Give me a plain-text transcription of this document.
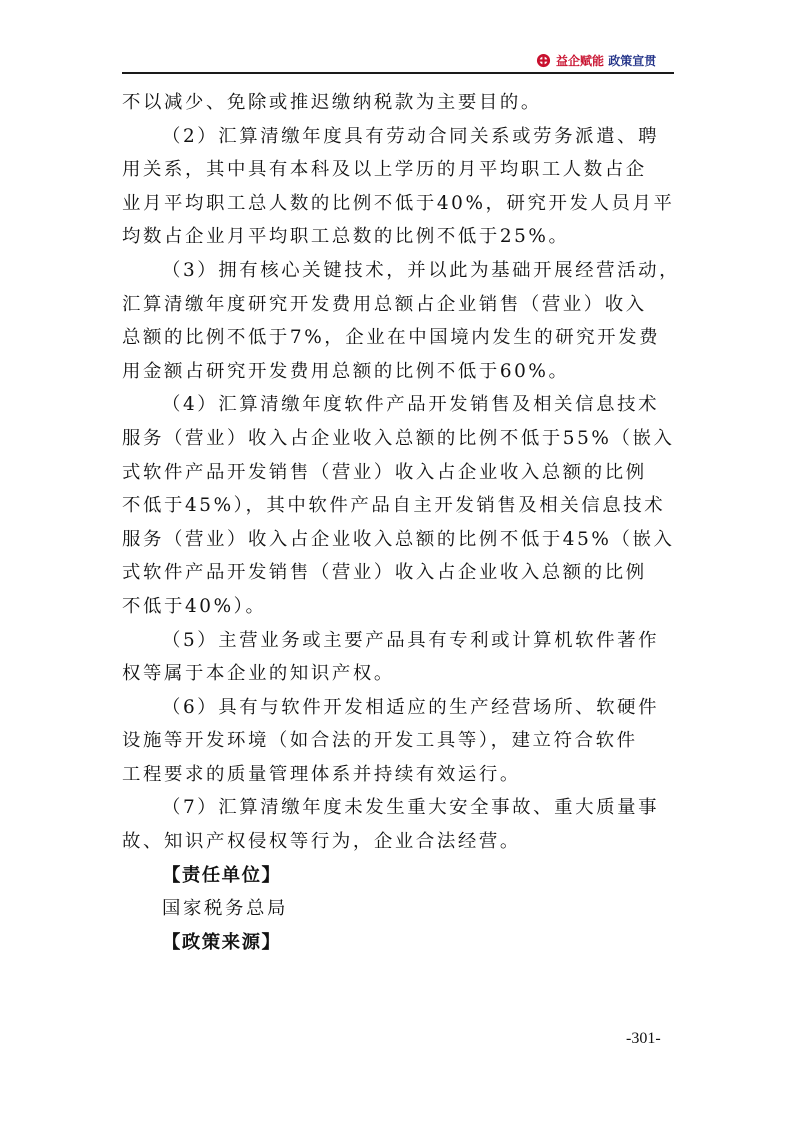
益企赋能 政策宣贯
不以减少、免除或推迟缴纳税款为主要目的。
（2）汇算清缴年度具有劳动合同关系或劳务派遣、聘
用关系，其中具有本科及以上学历的月平均职工人数占企
业月平均职工总人数的比例不低于40%，研究开发人员月平
均数占企业月平均职工总数的比例不低于25%。
（3）拥有核心关键技术，并以此为基础开展经营活动，
汇算清缴年度研究开发费用总额占企业销售（营业）收入
总额的比例不低于7%，企业在中国境内发生的研究开发费
用金额占研究开发费用总额的比例不低于60%。
（4）汇算清缴年度软件产品开发销售及相关信息技术
服务（营业）收入占企业收入总额的比例不低于55%（嵌入
式软件产品开发销售（营业）收入占企业收入总额的比例
不低于45%），其中软件产品自主开发销售及相关信息技术
服务（营业）收入占企业收入总额的比例不低于45%（嵌入
式软件产品开发销售（营业）收入占企业收入总额的比例
不低于40%）。
（5）主营业务或主要产品具有专利或计算机软件著作
权等属于本企业的知识产权。
（6）具有与软件开发相适应的生产经营场所、软硬件
设施等开发环境（如合法的开发工具等），建立符合软件
工程要求的质量管理体系并持续有效运行。
（7）汇算清缴年度未发生重大安全事故、重大质量事
故、知识产权侵权等行为，企业合法经营。
【责任单位】
国家税务总局
【政策来源】
-301-
